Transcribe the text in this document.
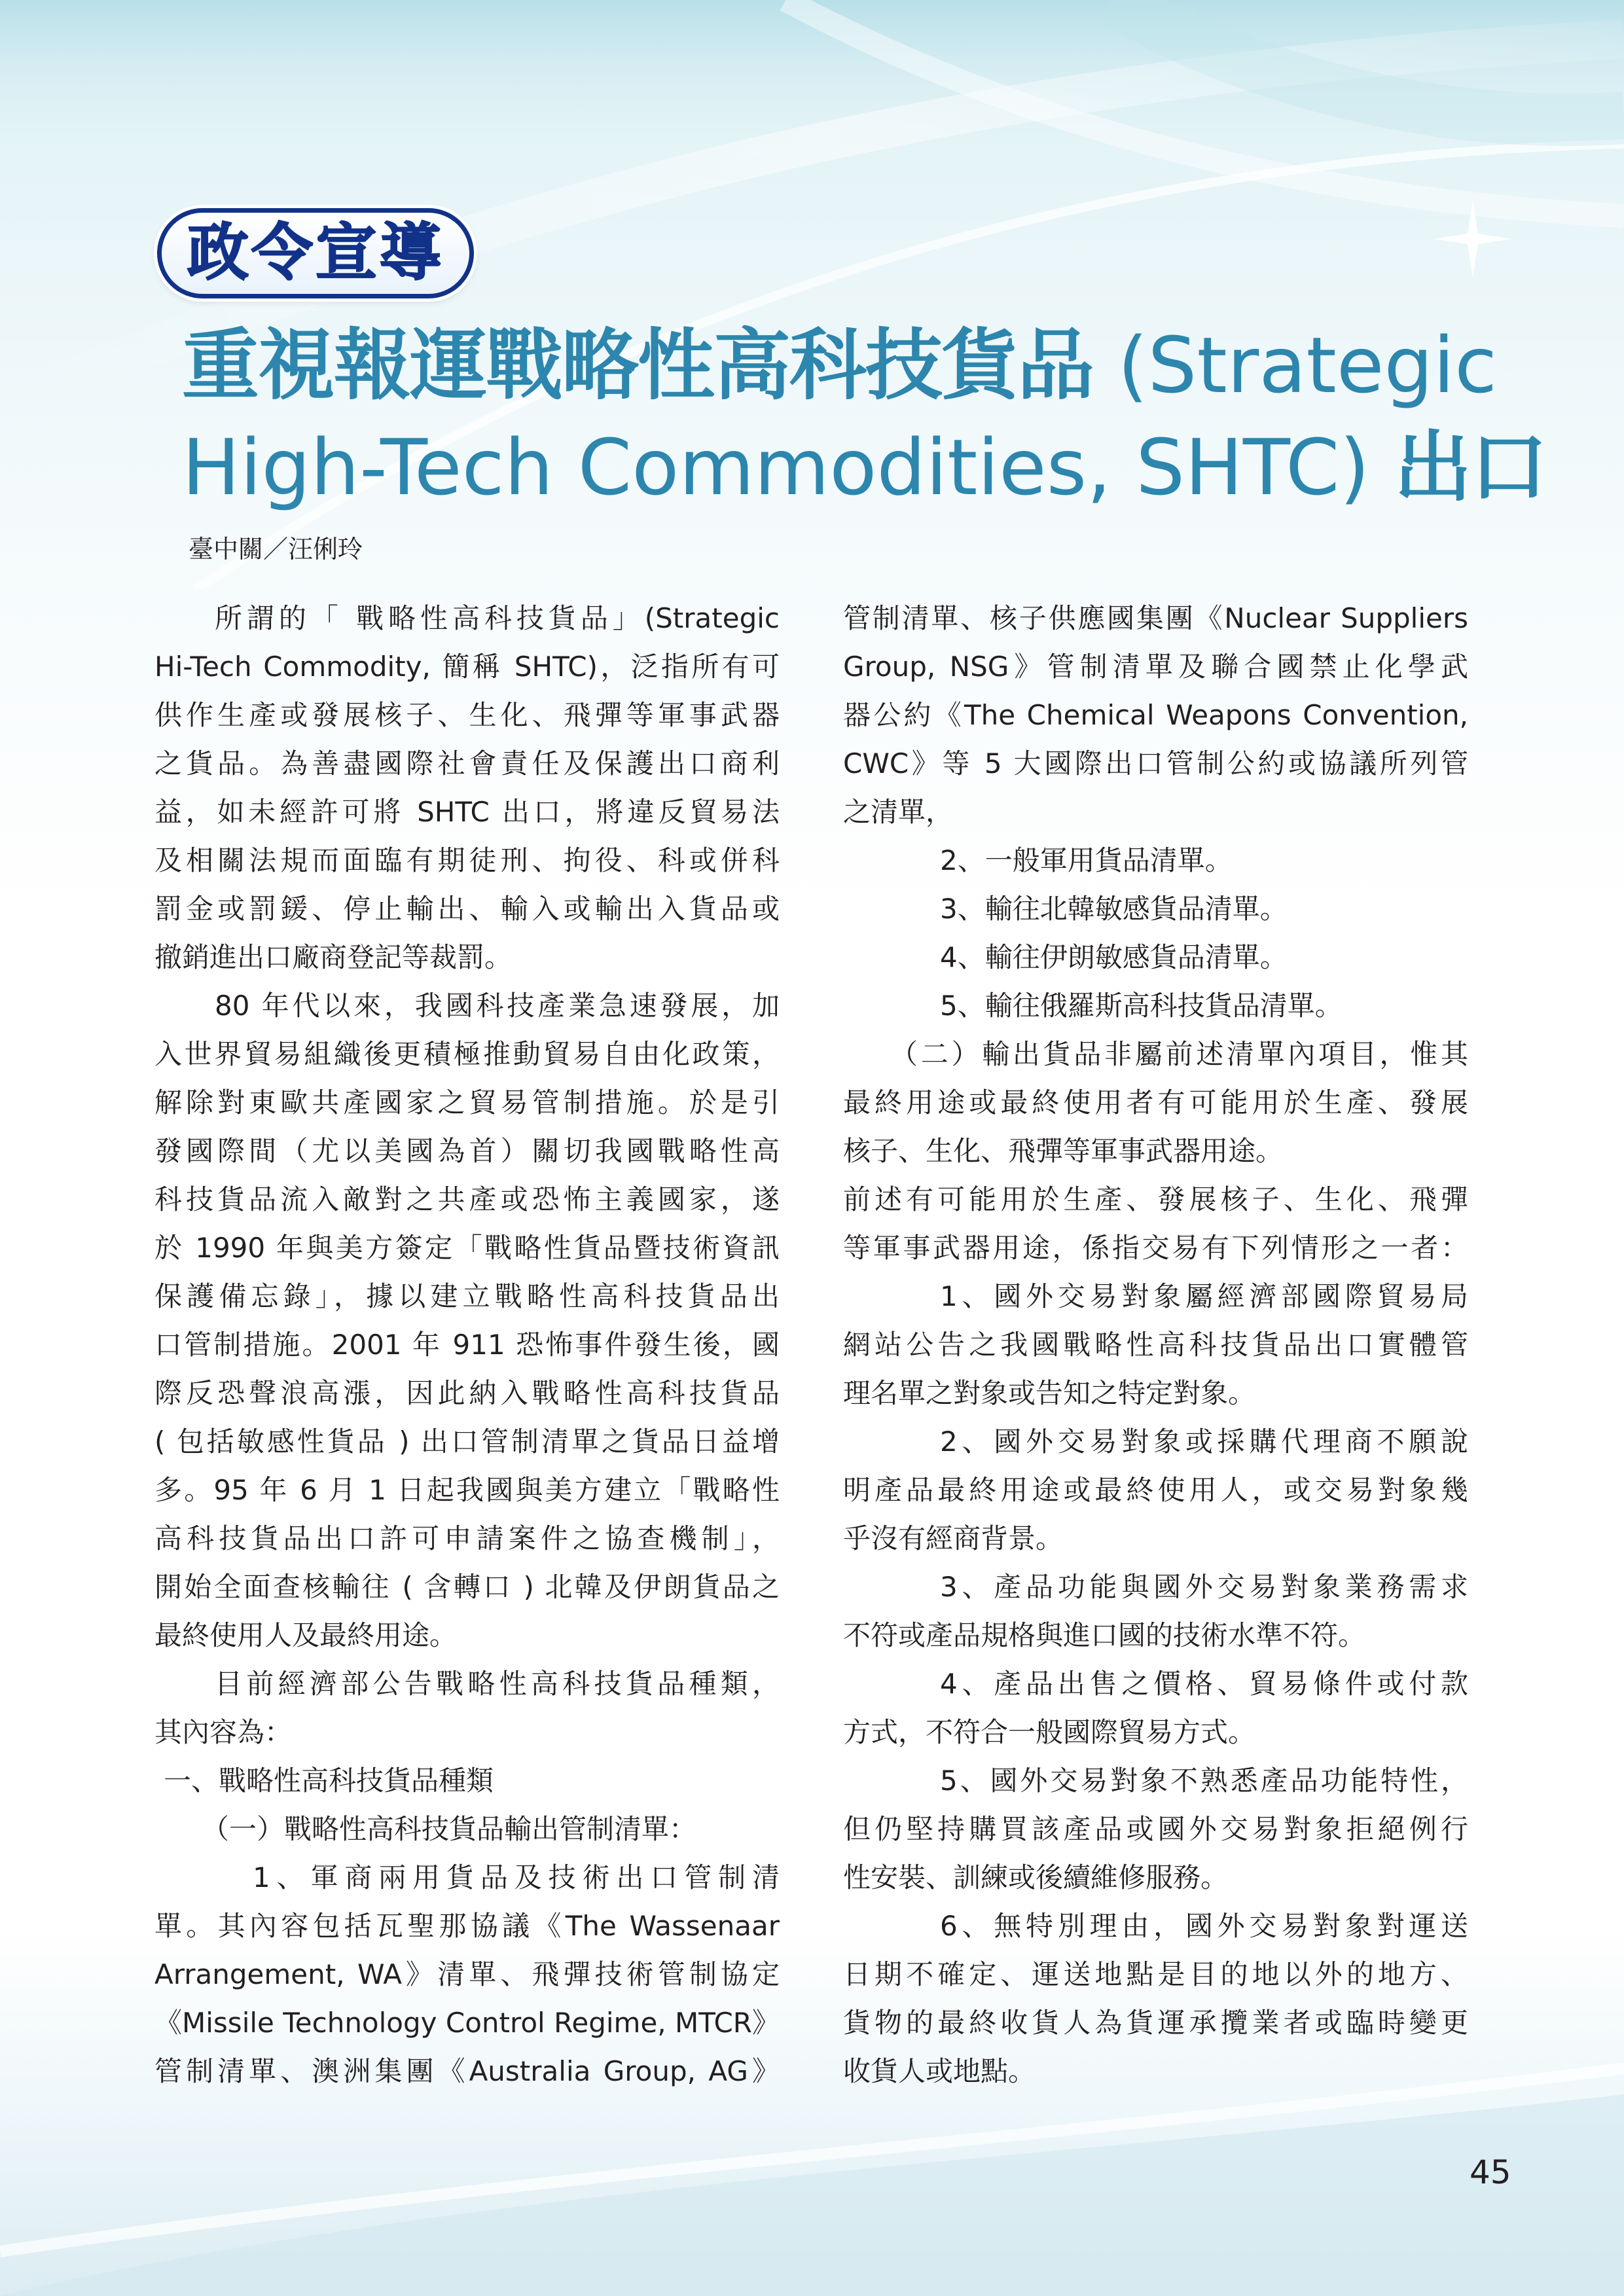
政令宣導
重視報運戰略性高科技貨品 (Strategic
High-Tech Commodities, SHTC) 出口
臺中關／汪俐玲
所謂的「 戰略性高科技貨品」(Strategic
Hi-Tech Commodity, 簡稱 SHTC)，泛指所有可
供作生產或發展核子、生化、飛彈等軍事武器
之貨品。為善盡國際社會責任及保護出口商利
益，如未經許可將 SHTC 出口，將違反貿易法
及相關法規而面臨有期徒刑、拘役、科或併科
罰金或罰鍰、停止輸出、輸入或輸出入貨品或
撤銷進出口廠商登記等裁罰。
80 年代以來，我國科技產業急速發展，加
入世界貿易組織後更積極推動貿易自由化政策，
解除對東歐共產國家之貿易管制措施。於是引
發國際間（尤以美國為首）關切我國戰略性高
科技貨品流入敵對之共產或恐怖主義國家，遂
於 1990 年與美方簽定「戰略性貨品暨技術資訊
保護備忘錄」，據以建立戰略性高科技貨品出
口管制措施。2001 年 911 恐怖事件發生後，國
際反恐聲浪高漲，因此納入戰略性高科技貨品
( 包括敏感性貨品 ) 出口管制清單之貨品日益增
多。95 年 6 月 1 日起我國與美方建立「戰略性
高科技貨品出口許可申請案件之協查機制」，
開始全面查核輸往 ( 含轉口 ) 北韓及伊朗貨品之
最終使用人及最終用途。
目前經濟部公告戰略性高科技貨品種類，
其內容為：
一、戰略性高科技貨品種類
（一）戰略性高科技貨品輸出管制清單：
1、軍商兩用貨品及技術出口管制清
單。其內容包括瓦聖那協議《The Wassenaar
Arrangement, WA》清單、飛彈技術管制協定
《Missile Technology Control Regime, MTCR》
管制清單、澳洲集團《Australia Group, AG》
管制清單、核子供應國集團《Nuclear Suppliers
Group, NSG》管制清單及聯合國禁止化學武
器公約《The Chemical Weapons Convention,
CWC》等 5 大國際出口管制公約或協議所列管
之清單，
2、一般軍用貨品清單。
3、輸往北韓敏感貨品清單。
4、輸往伊朗敏感貨品清單。
5、輸往俄羅斯高科技貨品清單。
（二）輸出貨品非屬前述清單內項目，惟其
最終用途或最終使用者有可能用於生產、發展
核子、生化、飛彈等軍事武器用途。
前述有可能用於生產、發展核子、生化、飛彈
等軍事武器用途，係指交易有下列情形之一者：
1、國外交易對象屬經濟部國際貿易局
網站公告之我國戰略性高科技貨品出口實體管
理名單之對象或告知之特定對象。
2、國外交易對象或採購代理商不願說
明產品最終用途或最終使用人，或交易對象幾
乎沒有經商背景。
3、產品功能與國外交易對象業務需求
不符或產品規格與進口國的技術水準不符。
4、產品出售之價格、貿易條件或付款
方式，不符合一般國際貿易方式。
5、國外交易對象不熟悉產品功能特性，
但仍堅持購買該產品或國外交易對象拒絕例行
性安裝、訓練或後續維修服務。
6、無特別理由，國外交易對象對運送
日期不確定、運送地點是目的地以外的地方、
貨物的最終收貨人為貨運承攬業者或臨時變更
收貨人或地點。
45
